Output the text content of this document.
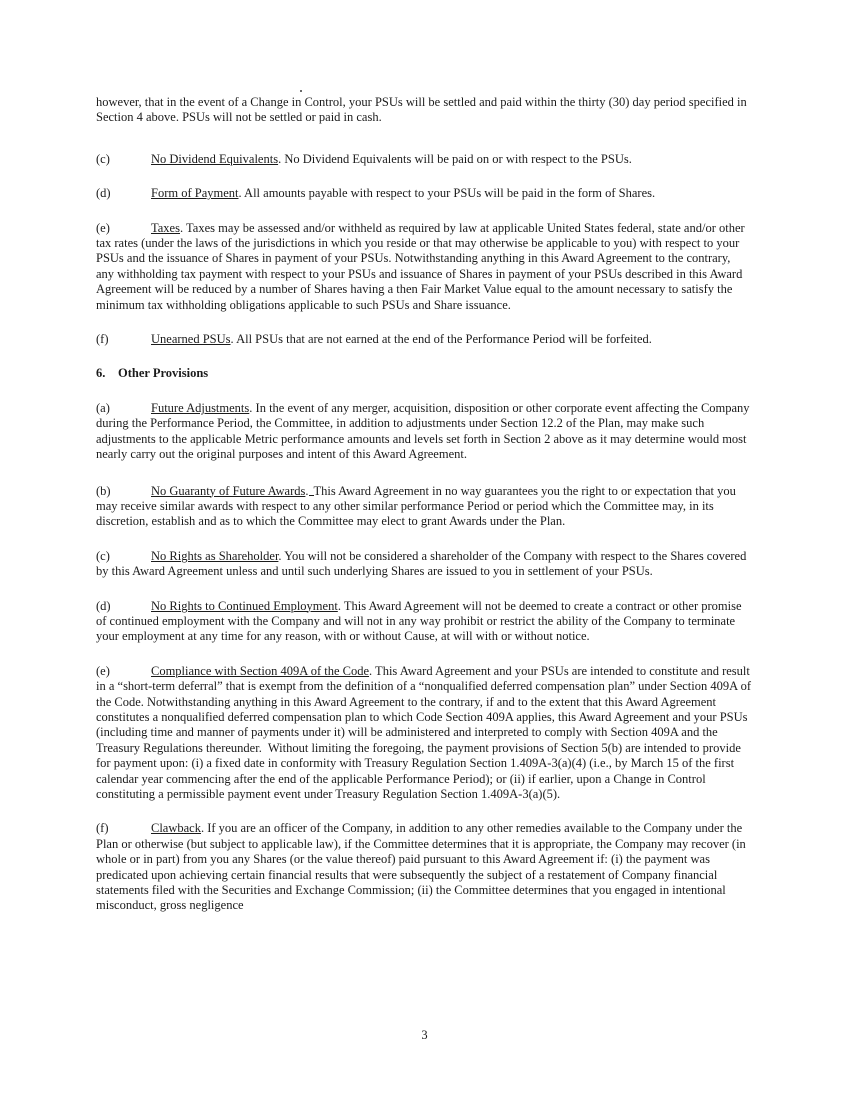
however, that in the event of a Change in Control, your PSUs will be settled and paid within the thirty (30) day period specified in Section 4 above. PSUs will not be settled or paid in cash.

(c)	No Dividend Equivalents. No Dividend Equivalents will be paid on or with respect to the PSUs.

(d)	Form of Payment. All amounts payable with respect to your PSUs will be paid in the form of Shares.

(e)	Taxes. Taxes may be assessed and/or withheld as required by law at applicable United States federal, state and/or other tax rates (under the laws of the jurisdictions in which you reside or that may otherwise be applicable to you) with respect to your PSUs and the issuance of Shares in payment of your PSUs. Notwithstanding anything in this Award Agreement to the contrary, any withholding tax payment with respect to your PSUs and issuance of Shares in payment of your PSUs described in this Award Agreement will be reduced by a number of Shares having a then Fair Market Value equal to the amount necessary to satisfy the minimum tax withholding obligations applicable to such PSUs and Share issuance.

(f)	Unearned PSUs. All PSUs that are not earned at the end of the Performance Period will be forfeited.

6. Other Provisions

(a)	Future Adjustments. In the event of any merger, acquisition, disposition or other corporate event affecting the Company during the Performance Period, the Committee, in addition to adjustments under Section 12.2 of the Plan, may make such adjustments to the applicable Metric performance amounts and levels set forth in Section 2 above as it may determine would most nearly carry out the original purposes and intent of this Award Agreement.

(b)	No Guaranty of Future Awards. This Award Agreement in no way guarantees you the right to or expectation that you may receive similar awards with respect to any other similar performance Period or period which the Committee may, in its discretion, establish and as to which the Committee may elect to grant Awards under the Plan.

(c)	No Rights as Shareholder. You will not be considered a shareholder of the Company with respect to the Shares covered by this Award Agreement unless and until such underlying Shares are issued to you in settlement of your PSUs.

(d)	No Rights to Continued Employment. This Award Agreement will not be deemed to create a contract or other promise of continued employment with the Company and will not in any way prohibit or restrict the ability of the Company to terminate your employment at any time for any reason, with or without Cause, at will with or without notice.

(e)	Compliance with Section 409A of the Code. This Award Agreement and your PSUs are intended to constitute and result in a “short-term deferral” that is exempt from the definition of a “nonqualified deferred compensation plan” under Section 409A of the Code. Notwithstanding anything in this Award Agreement to the contrary, if and to the extent that this Award Agreement constitutes a nonqualified deferred compensation plan to which Code Section 409A applies, this Award Agreement and your PSUs (including time and manner of payments under it) will be administered and interpreted to comply with Section 409A and the Treasury Regulations thereunder.  Without limiting the foregoing, the payment provisions of Section 5(b) are intended to provide for payment upon: (i) a fixed date in conformity with Treasury Regulation Section 1.409A-3(a)(4) (i.e., by March 15 of the first calendar year commencing after the end of the applicable Performance Period); or (ii) if earlier, upon a Change in Control constituting a permissible payment event under Treasury Regulation Section 1.409A-3(a)(5).

(f)	Clawback. If you are an officer of the Company, in addition to any other remedies available to the Company under the Plan or otherwise (but subject to applicable law), if the Committee determines that it is appropriate, the Company may recover (in whole or in part) from you any Shares (or the value thereof) paid pursuant to this Award Agreement if: (i) the payment was predicated upon achieving certain financial results that were subsequently the subject of a restatement of Company financial statements filed with the Securities and Exchange Commission; (ii) the Committee determines that you engaged in intentional misconduct, gross negligence

3
